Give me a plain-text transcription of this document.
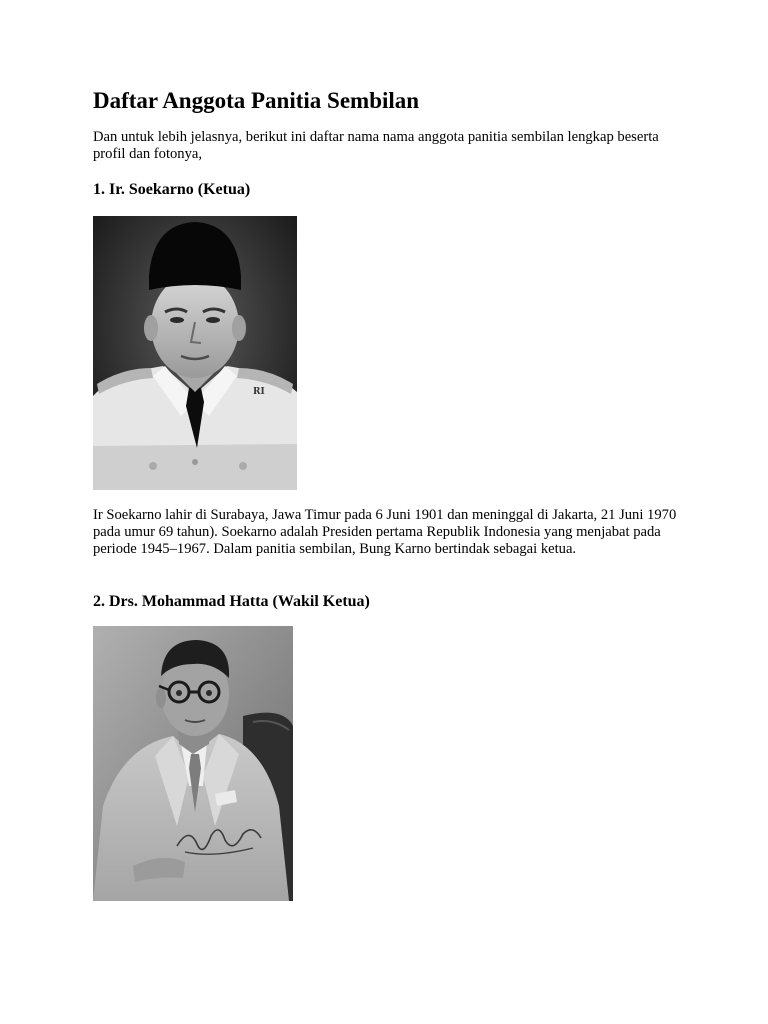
Daftar Anggota Panitia Sembilan

Dan untuk lebih jelasnya, berikut ini daftar nama nama anggota panitia sembilan lengkap beserta profil dan fotonya,

1. Ir. Soekarno (Ketua)
RI

Ir Soekarno lahir di Surabaya, Jawa Timur pada 6 Juni 1901 dan meninggal di Jakarta, 21 Juni 1970 pada umur 69 tahun). Soekarno adalah Presiden pertama Republik Indonesia yang menjabat pada periode 1945–1967. Dalam panitia sembilan, Bung Karno bertindak sebagai ketua.

2. Drs. Mohammad Hatta (Wakil Ketua)
